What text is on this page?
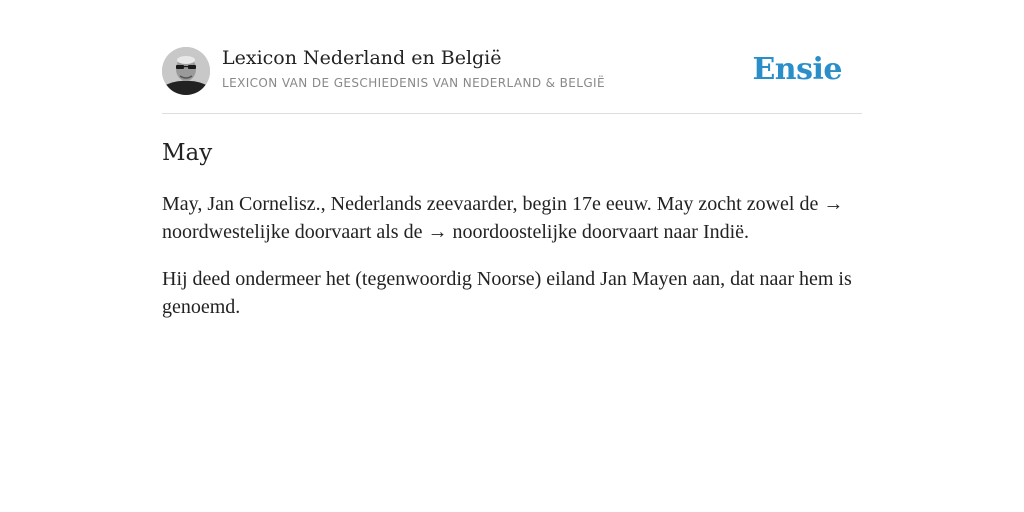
Lexicon Nederland en België
LEXICON VAN DE GESCHIEDENIS VAN NEDERLAND & BELGIË	Ensie
May

May, Jan Cornelisz., Nederlands zeevaarder, begin 17e eeuw. May zocht zowel de → noordwestelijke doorvaart als de → noordoostelijke doorvaart naar Indië.

Hij deed ondermeer het (tegenwoordig Noorse) eiland Jan Mayen aan, dat naar hem is genoemd.
